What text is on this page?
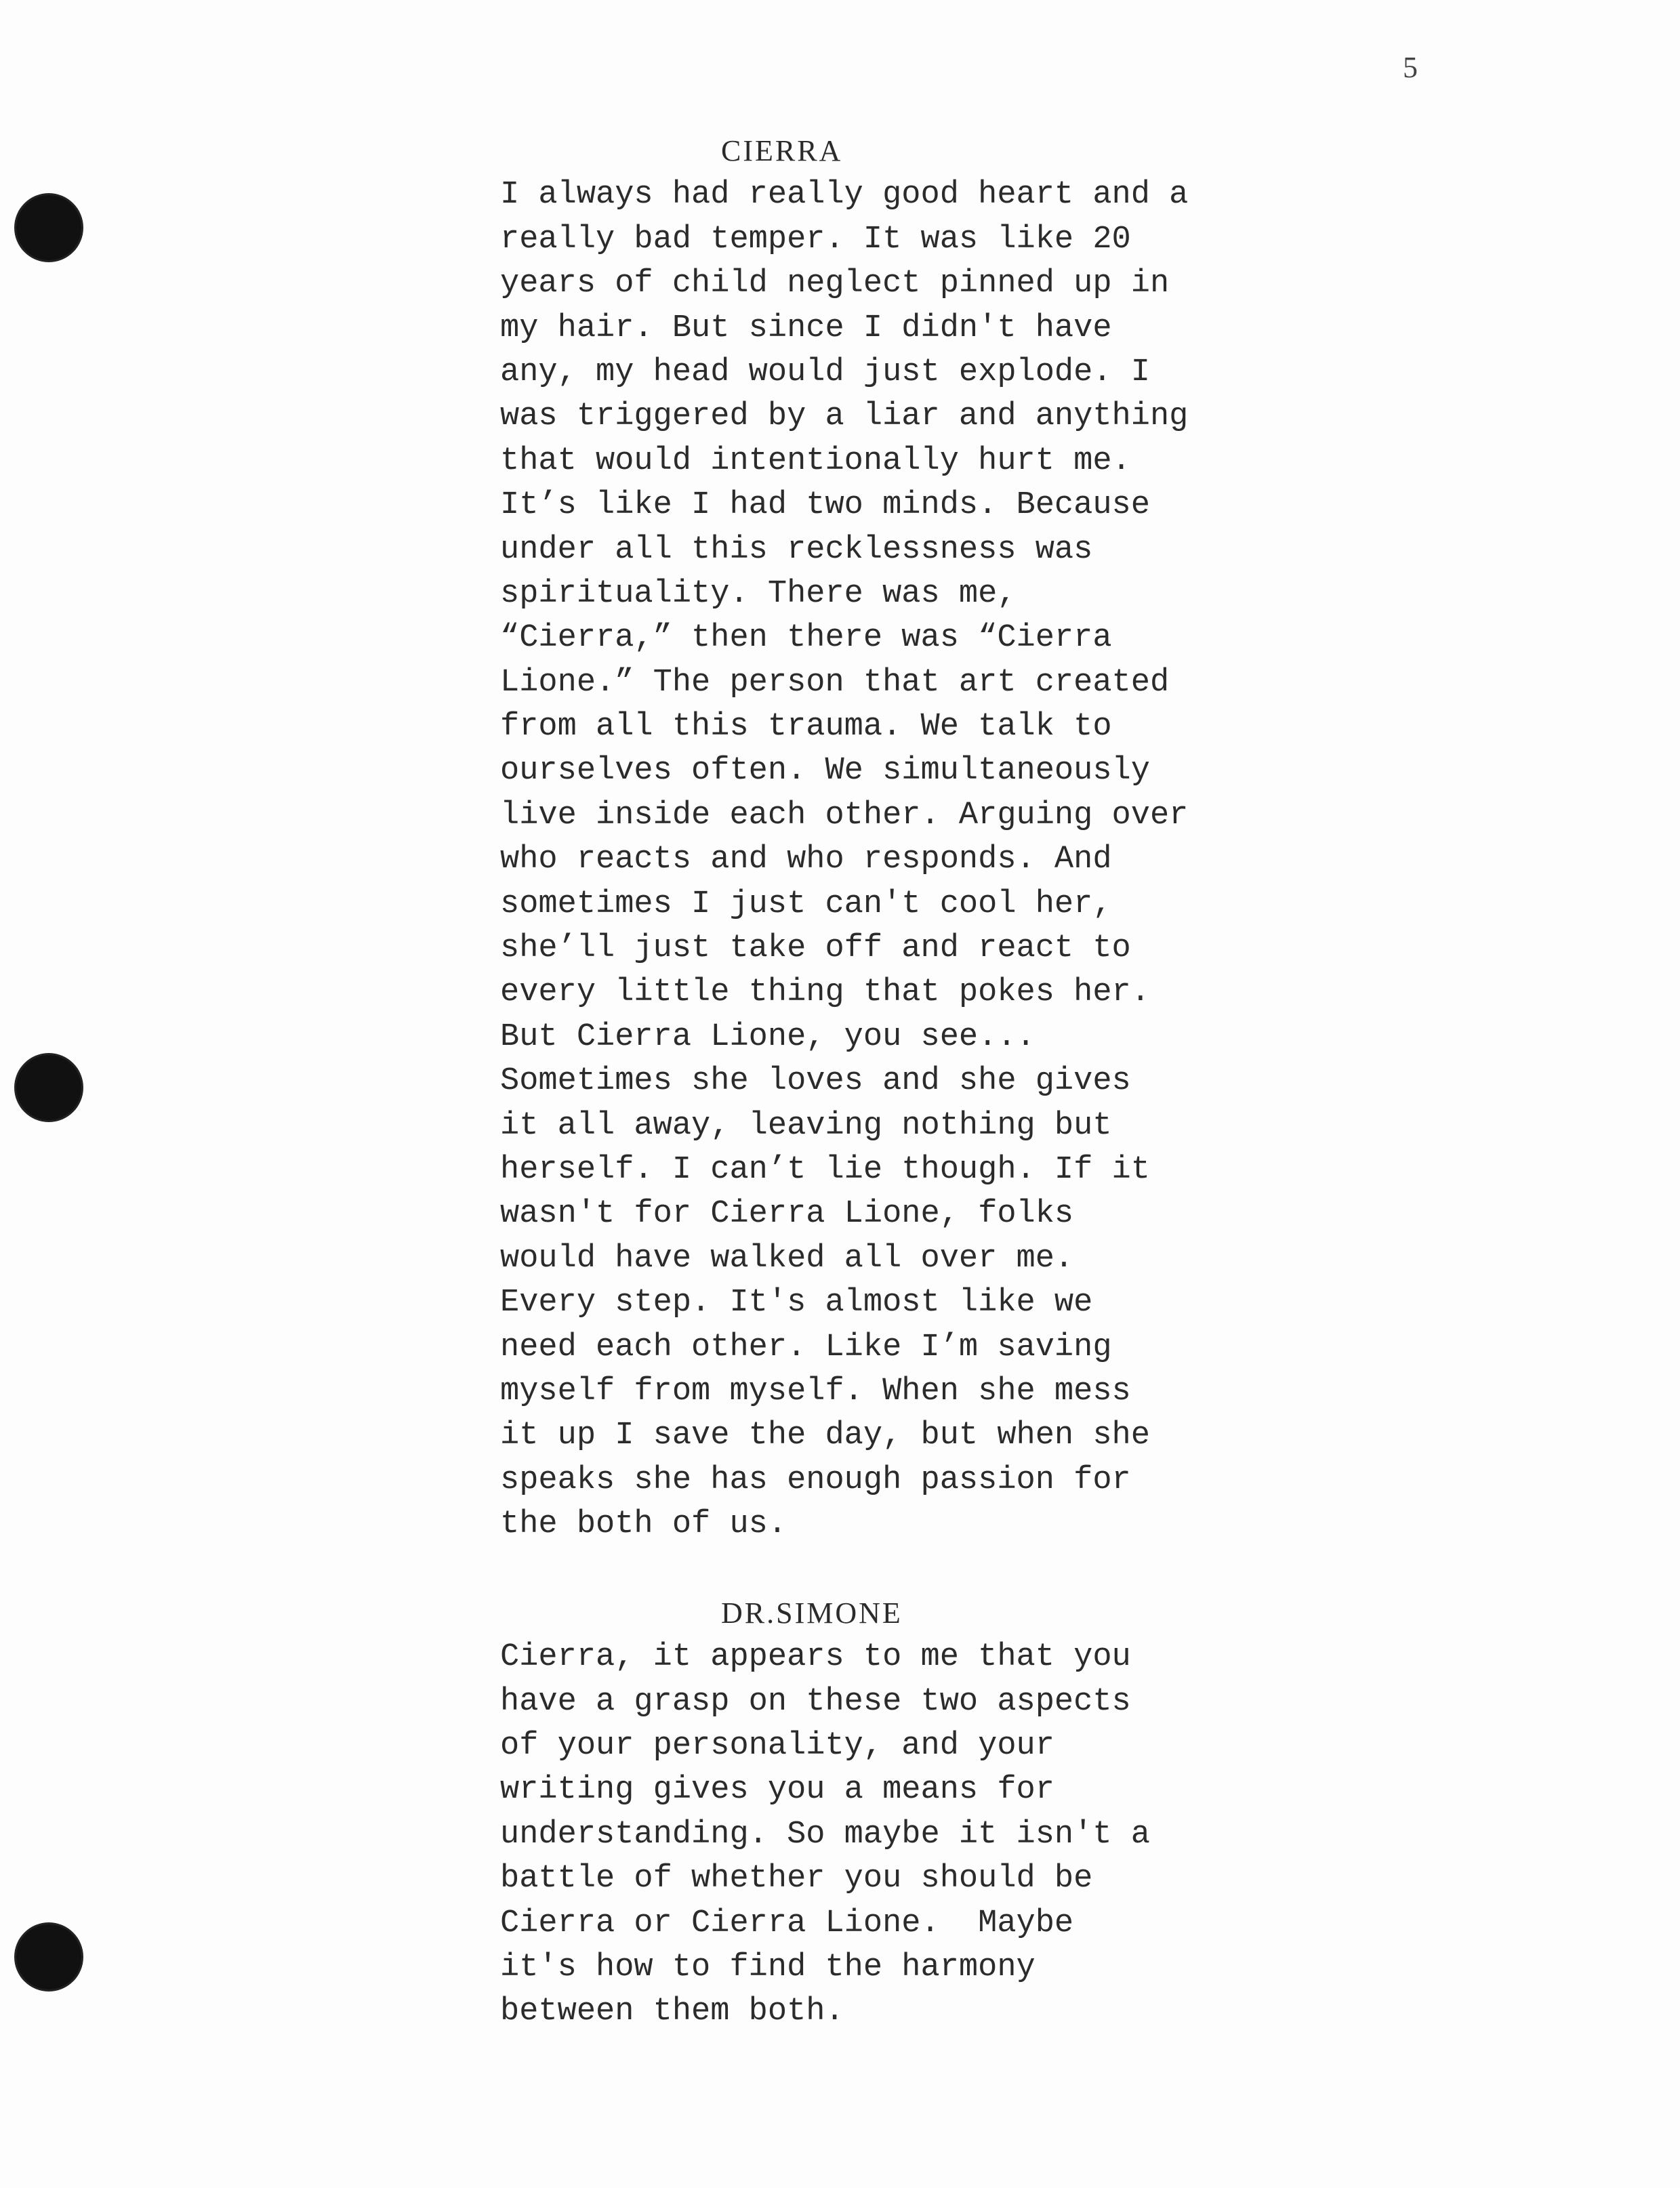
5
CIERRA
I always had really good heart and a
really bad temper. It was like 20
years of child neglect pinned up in
my hair. But since I didn't have
any, my head would just explode. I
was triggered by a liar and anything
that would intentionally hurt me.
It’s like I had two minds. Because
under all this recklessness was
spirituality. There was me,
“Cierra,” then there was “Cierra
Lione.” The person that art created
from all this trauma. We talk to
ourselves often. We simultaneously
live inside each other. Arguing over
who reacts and who responds. And
sometimes I just can't cool her,
she’ll just take off and react to
every little thing that pokes her.
But Cierra Lione, you see...
Sometimes she loves and she gives
it all away, leaving nothing but
herself. I can’t lie though. If it
wasn't for Cierra Lione, folks
would have walked all over me.
Every step. It's almost like we
need each other. Like I’m saving
myself from myself. When she mess
it up I save the day, but when she
speaks she has enough passion for
the both of us.
DR.SIMONE
Cierra, it appears to me that you
have a grasp on these two aspects
of your personality, and your
writing gives you a means for
understanding. So maybe it isn't a
battle of whether you should be
Cierra or Cierra Lione.  Maybe
it's how to find the harmony
between them both.
